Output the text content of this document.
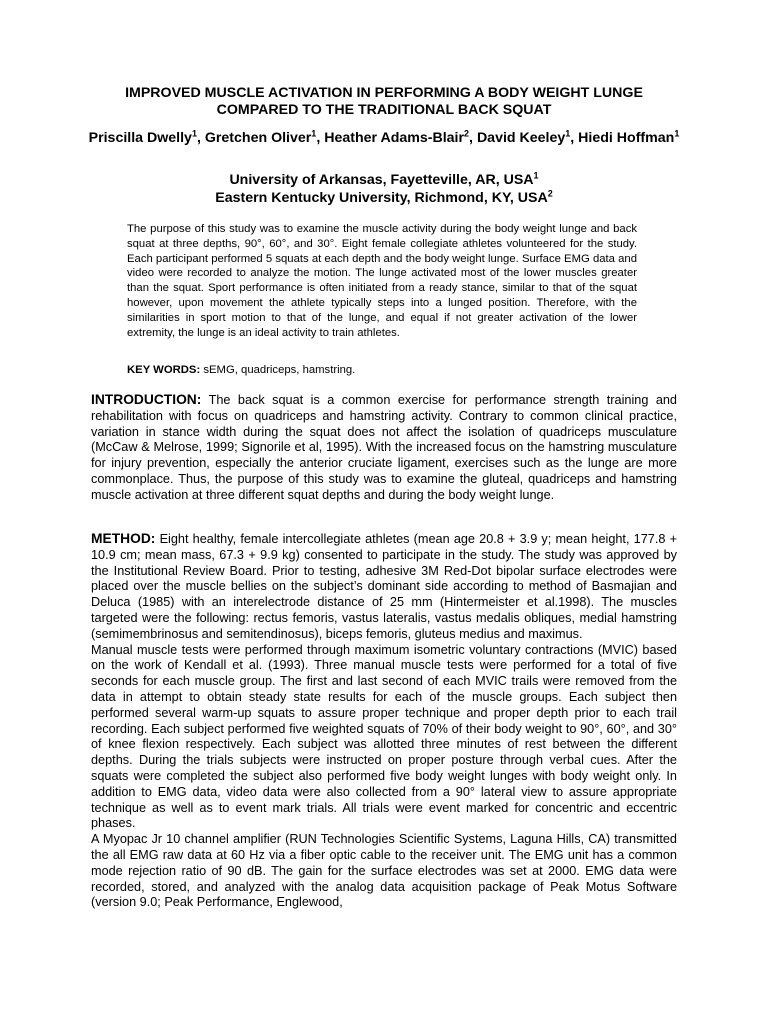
IMPROVED MUSCLE ACTIVATION IN PERFORMING A BODY WEIGHT LUNGE
COMPARED TO THE TRADITIONAL BACK SQUAT
Priscilla Dwelly$^1$, Gretchen Oliver$^1$, Heather Adams-Blair$^2$, David Keeley$^1$, Hiedi Hoffman$^1$
University of Arkansas, Fayetteville, AR, USA$^1$
Eastern Kentucky University, Richmond, KY, USA$^2$

The purpose of this study was to examine the muscle activity during the body weight lunge and back squat at three depths, 90°, 60°, and 30°. Eight female collegiate athletes volunteered for the study. Each participant performed 5 squats at each depth and the body weight lunge. Surface EMG data and video were recorded to analyze the motion. The lunge activated most of the lower muscles greater than the squat. Sport performance is often initiated from a ready stance, similar to that of the squat however, upon movement the athlete typically steps into a lunged position. Therefore, with the similarities in sport motion to that of the lunge, and equal if not greater activation of the lower extremity, the lunge is an ideal activity to train athletes.

KEY WORDS: sEMG, quadriceps, hamstring.

INTRODUCTION: The back squat is a common exercise for performance strength training and rehabilitation with focus on quadriceps and hamstring activity. Contrary to common clinical practice, variation in stance width during the squat does not affect the isolation of quadriceps musculature (McCaw & Melrose, 1999; Signorile et al, 1995). With the increased focus on the hamstring musculature for injury prevention, especially the anterior cruciate ligament, exercises such as the lunge are more commonplace. Thus, the purpose of this study was to examine the gluteal, quadriceps and hamstring muscle activation at three different squat depths and during the body weight lunge.

METHOD: Eight healthy, female intercollegiate athletes (mean age 20.8 + 3.9 y; mean height, 177.8 + 10.9 cm; mean mass, 67.3 + 9.9 kg) consented to participate in the study. The study was approved by the Institutional Review Board. Prior to testing, adhesive 3M Red-Dot bipolar surface electrodes were placed over the muscle bellies on the subject’s dominant side according to method of Basmajian and Deluca (1985) with an interelectrode distance of 25 mm (Hintermeister et al.1998). The muscles targeted were the following: rectus femoris, vastus lateralis, vastus medalis obliques, medial hamstring (semimembrinosus and semitendinosus), biceps femoris, gluteus medius and maximus.

Manual muscle tests were performed through maximum isometric voluntary contractions (MVIC) based on the work of Kendall et al. (1993). Three manual muscle tests were performed for a total of five seconds for each muscle group. The first and last second of each MVIC trails were removed from the data in attempt to obtain steady state results for each of the muscle groups. Each subject then performed several warm-up squats to assure proper technique and proper depth prior to each trail recording. Each subject performed five weighted squats of 70% of their body weight to 90°, 60°, and 30° of knee flexion respectively. Each subject was allotted three minutes of rest between the different depths. During the trials subjects were instructed on proper posture through verbal cues. After the squats were completed the subject also performed five body weight lunges with body weight only. In addition to EMG data, video data were also collected from a 90° lateral view to assure appropriate technique as well as to event mark trials. All trials were event marked for concentric and eccentric phases.

A Myopac Jr 10 channel amplifier (RUN Technologies Scientific Systems, Laguna Hills, CA) transmitted the all EMG raw data at 60 Hz via a fiber optic cable to the receiver unit. The EMG unit has a common mode rejection ratio of 90 dB. The gain for the surface electrodes was set at 2000. EMG data were recorded, stored, and analyzed with the analog data acquisition package of Peak Motus Software (version 9.0; Peak Performance, Englewood,
